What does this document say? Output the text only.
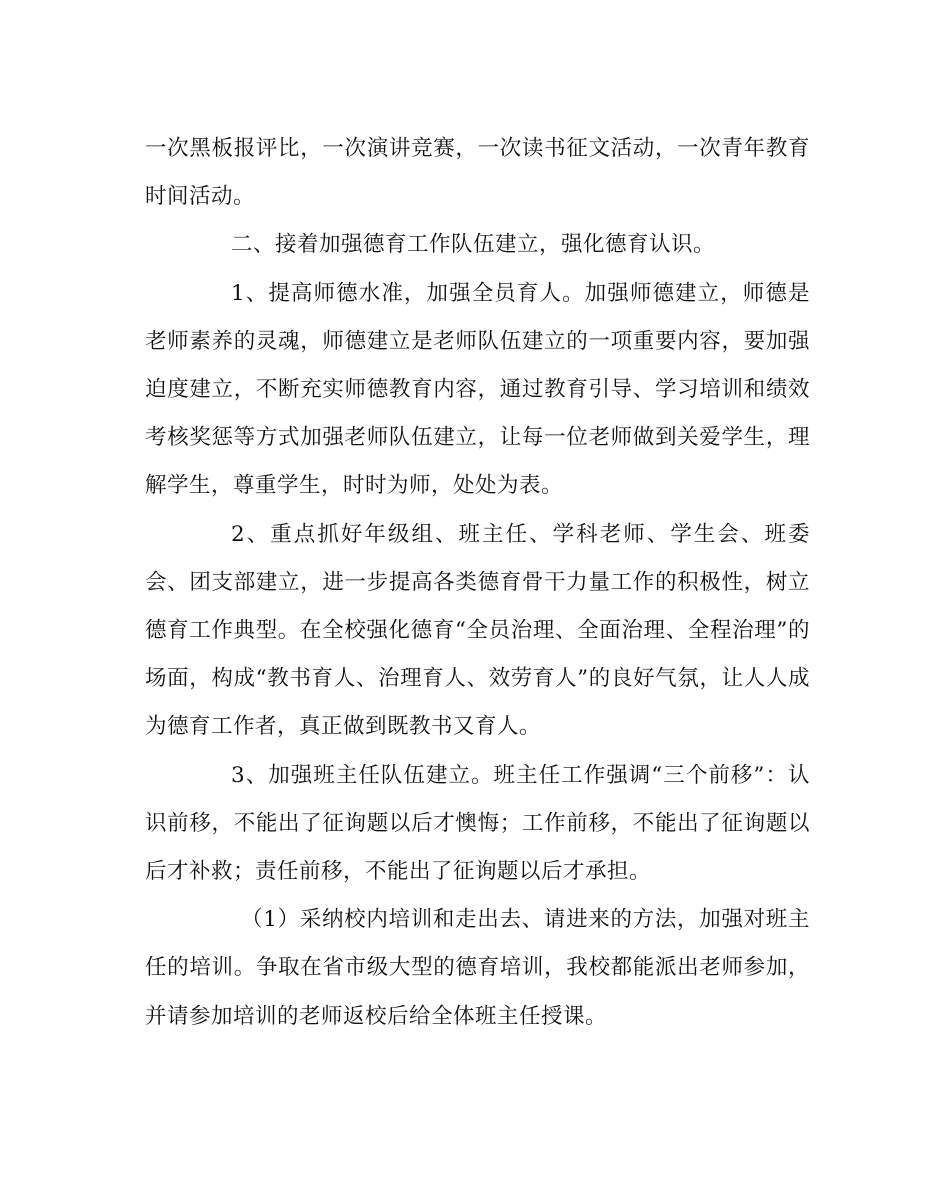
一次黑板报评比，一次演讲竞赛，一次读书征文活动，一次青年教育时间活动。

二、接着加强德育工作队伍建立，强化德育认识。

1、提高师德水准，加强全员育人。加强师德建立，师德是老师素养的灵魂，师德建立是老师队伍建立的一项重要内容，要加强迫度建立，不断充实师德教育内容，通过教育引导、学习培训和绩效考核奖惩等方式加强老师队伍建立，让每一位老师做到关爱学生，理解学生，尊重学生，时时为师，处处为表。

2、重点抓好年级组、班主任、学科老师、学生会、班委会、团支部建立，进一步提高各类德育骨干力量工作的积极性，树立德育工作典型。在全校强化德育“全员治理、全面治理、全程治理”的场面，构成“教书育人、治理育人、效劳育人”的良好气氛，让人人成为德育工作者，真正做到既教书又育人。

3、加强班主任队伍建立。班主任工作强调“三个前移”：认识前移，不能出了征询题以后才懊悔；工作前移，不能出了征询题以后才补救；责任前移，不能出了征询题以后才承担。

（1）采纳校内培训和走出去、请进来的方法，加强对班主任的培训。争取在省市级大型的德育培训，我校都能派出老师参加，并请参加培训的老师返校后给全体班主任授课。
